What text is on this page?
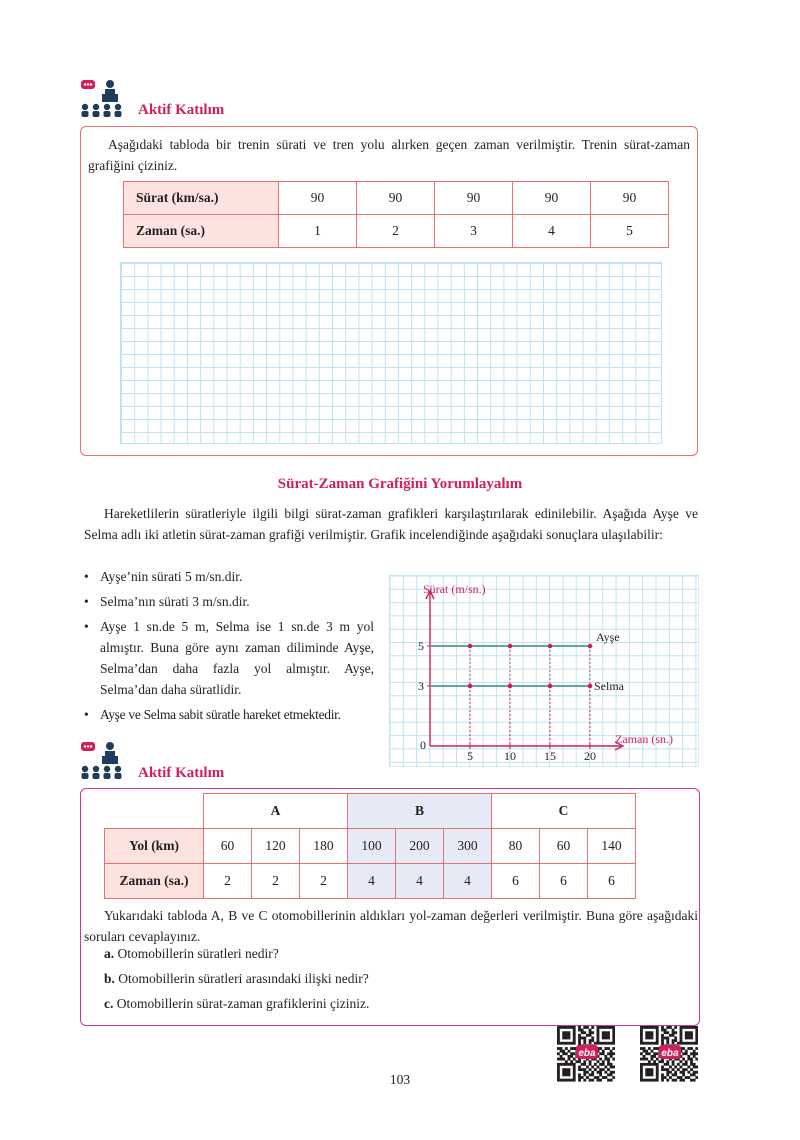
Aktif Katılım
Aşağıdaki tabloda bir trenin sürati ve tren yolu alırken geçen zaman verilmiştir. Trenin sürat-zaman grafiğini çiziniz.
Sürat (km/sa.)	90	90	90	90	90
Zaman (sa.)	1	2	3	4	5
Sürat-Zaman Grafiğini Yorumlayalım
Hareketlilerin süratleriyle ilgili bilgi sürat-zaman grafikleri karşılaştırılarak edinilebilir. Aşağıda Ayşe ve Selma adlı iki atletin sürat-zaman grafiği verilmiştir. Grafik incelendiğinde aşağıdaki sonuçlara ulaşılabilir:
• Ayşe’nin sürati 5 m/sn.dir.
• Selma’nın sürati 3 m/sn.dir.
• Ayşe 1 sn.de 5 m, Selma ise 1 sn.de 3 m yol almıştır. Buna göre aynı zaman diliminde Ayşe, Selma’dan daha fazla yol almıştır. Ayşe, Selma’dan daha süratlidir.
• Ayşe ve Selma sabit süratle hareket etmektedir.
Sürat (m/sn.)
Zaman (sn.)
0
5	10 15 20
3
5
Ayşe
Selma
Aktif Katılım
	A			B			C		
Yol (km)	60	120	180	100	200	300	80	60	140
Zaman (sa.)	2	2	2	4	4	4	6	6	6
Yukarıdaki tabloda A, B ve C otomobillerinin aldıkları yol-zaman değerleri verilmiştir. Buna göre aşağıdaki soruları cevaplayınız.
a. Otomobillerin süratleri nedir?
b. Otomobillerin süratleri arasındaki ilişki nedir?
c. Otomobillerin sürat-zaman grafiklerini çiziniz.
eba	eba
103
